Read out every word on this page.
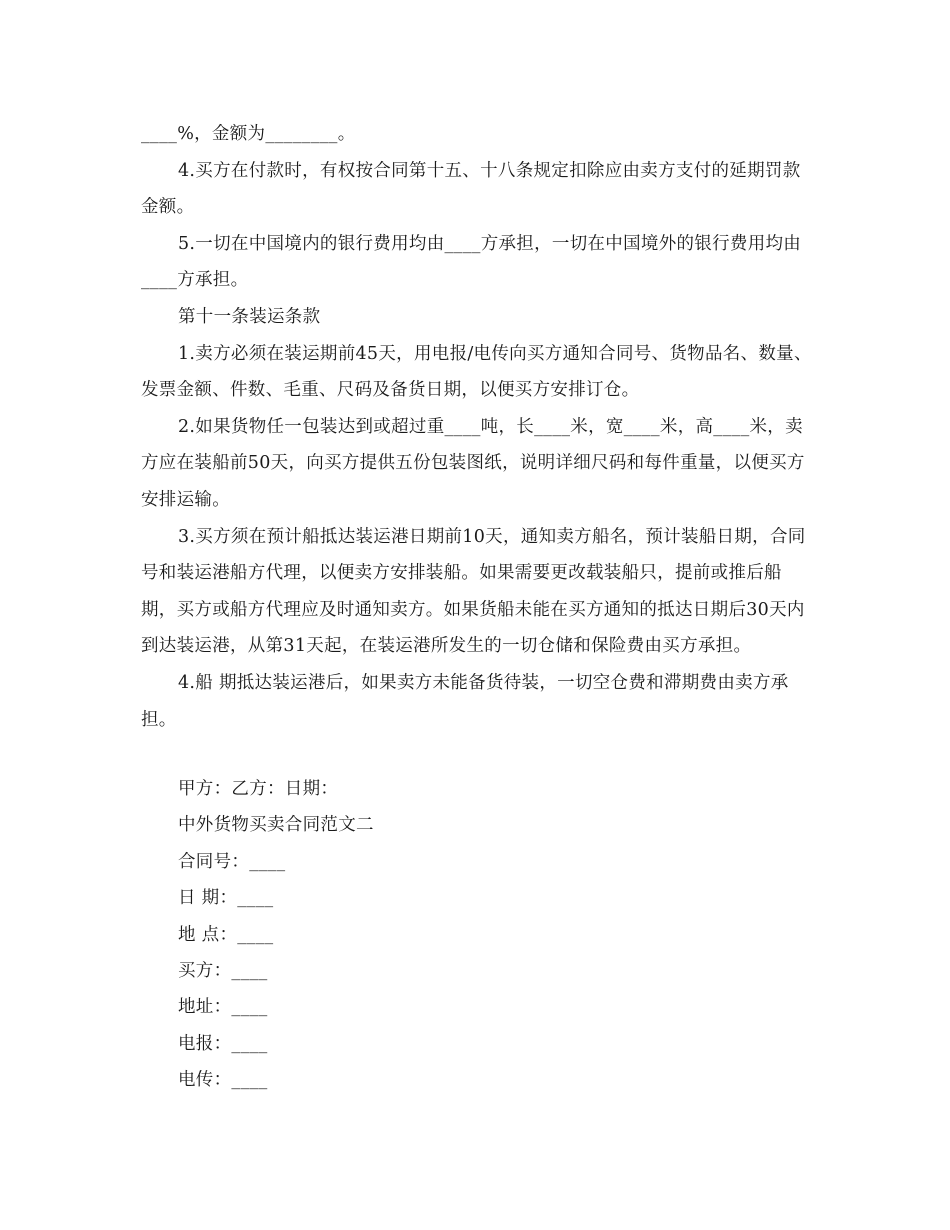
____%，金额为________。

4.买方在付款时，有权按合同第十五、十八条规定扣除应由卖方支付的延期罚款金额。

5.一切在中国境内的银行费用均由____方承担，一切在中国境外的银行费用均由____方承担。

第十一条装运条款

1.卖方必须在装运期前45天，用电报/电传向买方通知合同号、货物品名、数量、发票金额、件数、毛重、尺码及备货日期，以便买方安排订仓。

2.如果货物任一包装达到或超过重____吨，长____米，宽____米，高____米，卖方应在装船前50天，向买方提供五份包装图纸，说明详细尺码和每件重量，以便买方安排运输。

3.买方须在预计船抵达装运港日期前10天，通知卖方船名，预计装船日期，合同号和装运港船方代理，以便卖方安排装船。如果需要更改载装船只，提前或推后船期，买方或船方代理应及时通知卖方。如果货船未能在买方通知的抵达日期后30天内到达装运港，从第31天起，在装运港所发生的一切仓储和保险费由买方承担。

4.船 期抵达装运港后，如果卖方未能备货待装，一切空仓费和滞期费由卖方承担。

甲方：乙方：日期：

中外货物买卖合同范文二

合同号：____

日 期：____

地 点：____

买方：____

地址：____

电报：____

电传：____
